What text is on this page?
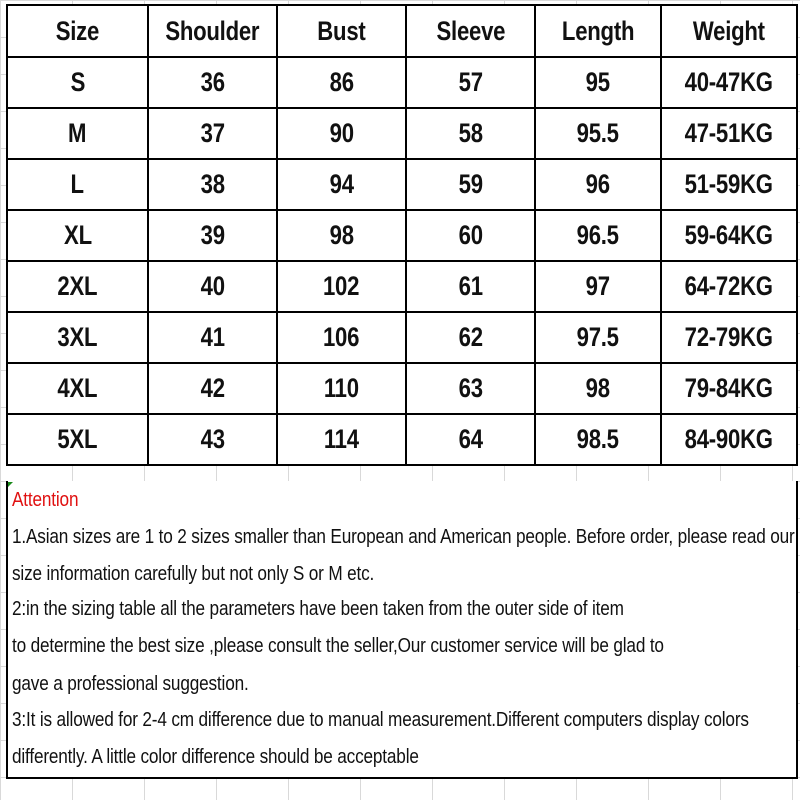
Size	Shoulder	Bust	Sleeve	Length	Weight
S	36	86	57	95	40-47KG
M	37	90	58	95.5	47-51KG
L	38	94	59	96	51-59KG
XL	39	98	60	96.5	59-64KG
2XL	40	102	61	97	64-72KG
3XL	41	106	62	97.5	72-79KG
4XL	42	110	63	98	79-84KG
5XL	43	114	64	98.5	84-90KG
Attention
1.Asian sizes are 1 to 2 sizes smaller than European and American people. Before order, please read our
size information carefully but not only S or M etc.
2:in the sizing table all the parameters have been taken from the outer side of item
to determine the best size ,please consult the seller,Our customer service will be glad to
gave a professional suggestion.
3:It is allowed for 2-4 cm difference due to manual measurement.Different computers display colors
differently. A little color difference should be acceptable
